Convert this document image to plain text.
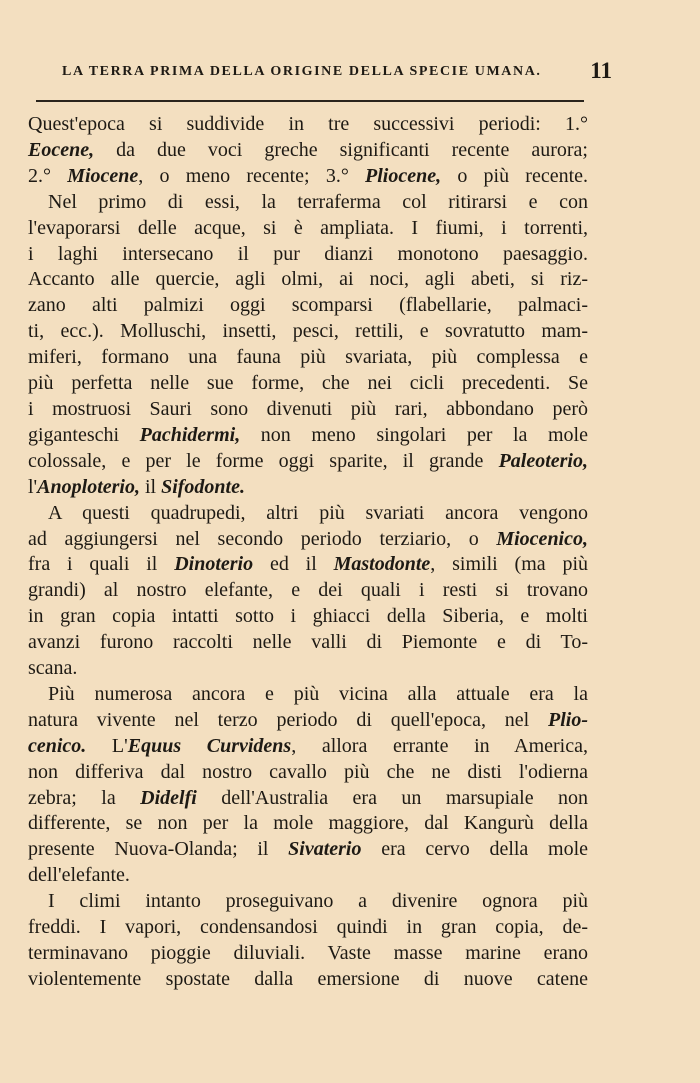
LA TERRA PRIMA DELLA ORIGINE DELLA SPECIE UMANA.	11
Quest'epoca si suddivide in tre successivi periodi: 1.°
Eocene, da due voci greche significanti recente aurora;
2.° Miocene, o meno recente; 3.° Pliocene, o più recente.
Nel primo di essi, la terraferma col ritirarsi e con
l'evaporarsi delle acque, si è ampliata. I fiumi, i torrenti,
i laghi intersecano il pur dianzi monotono paesaggio.
Accanto alle quercie, agli olmi, ai noci, agli abeti, si riz-
zano alti palmizi oggi scomparsi (flabellarie, palmaci-
ti, ecc.). Molluschi, insetti, pesci, rettili, e sovratutto mam-
miferi, formano una fauna più svariata, più complessa e
più perfetta nelle sue forme, che nei cicli precedenti. Se
i mostruosi Sauri sono divenuti più rari, abbondano però
giganteschi Pachidermi, non meno singolari per la mole
colossale, e per le forme oggi sparite, il grande Paleoterio,
l'Anoploterio, il Sifodonte.
A questi quadrupedi, altri più svariati ancora vengono
ad aggiungersi nel secondo periodo terziario, o Miocenico,
fra i quali il Dinoterio ed il Mastodonte, simili (ma più
grandi) al nostro elefante, e dei quali i resti si trovano
in gran copia intatti sotto i ghiacci della Siberia, e molti
avanzi furono raccolti nelle valli di Piemonte e di To-
scana.
Più numerosa ancora e più vicina alla attuale era la
natura vivente nel terzo periodo di quell'epoca, nel Plio-
cenico. L'Equus Curvidens, allora errante in America,
non differiva dal nostro cavallo più che ne disti l'odierna
zebra; la Didelfi dell'Australia era un marsupiale non
differente, se non per la mole maggiore, dal Kangurù della
presente Nuova-Olanda; il Sivaterio era cervo della mole
dell'elefante.
I climi intanto proseguivano a divenire ognora più
freddi. I vapori, condensandosi quindi in gran copia, de-
terminavano pioggie diluviali. Vaste masse marine erano
violentemente spostate dalla emersione di nuove catene
